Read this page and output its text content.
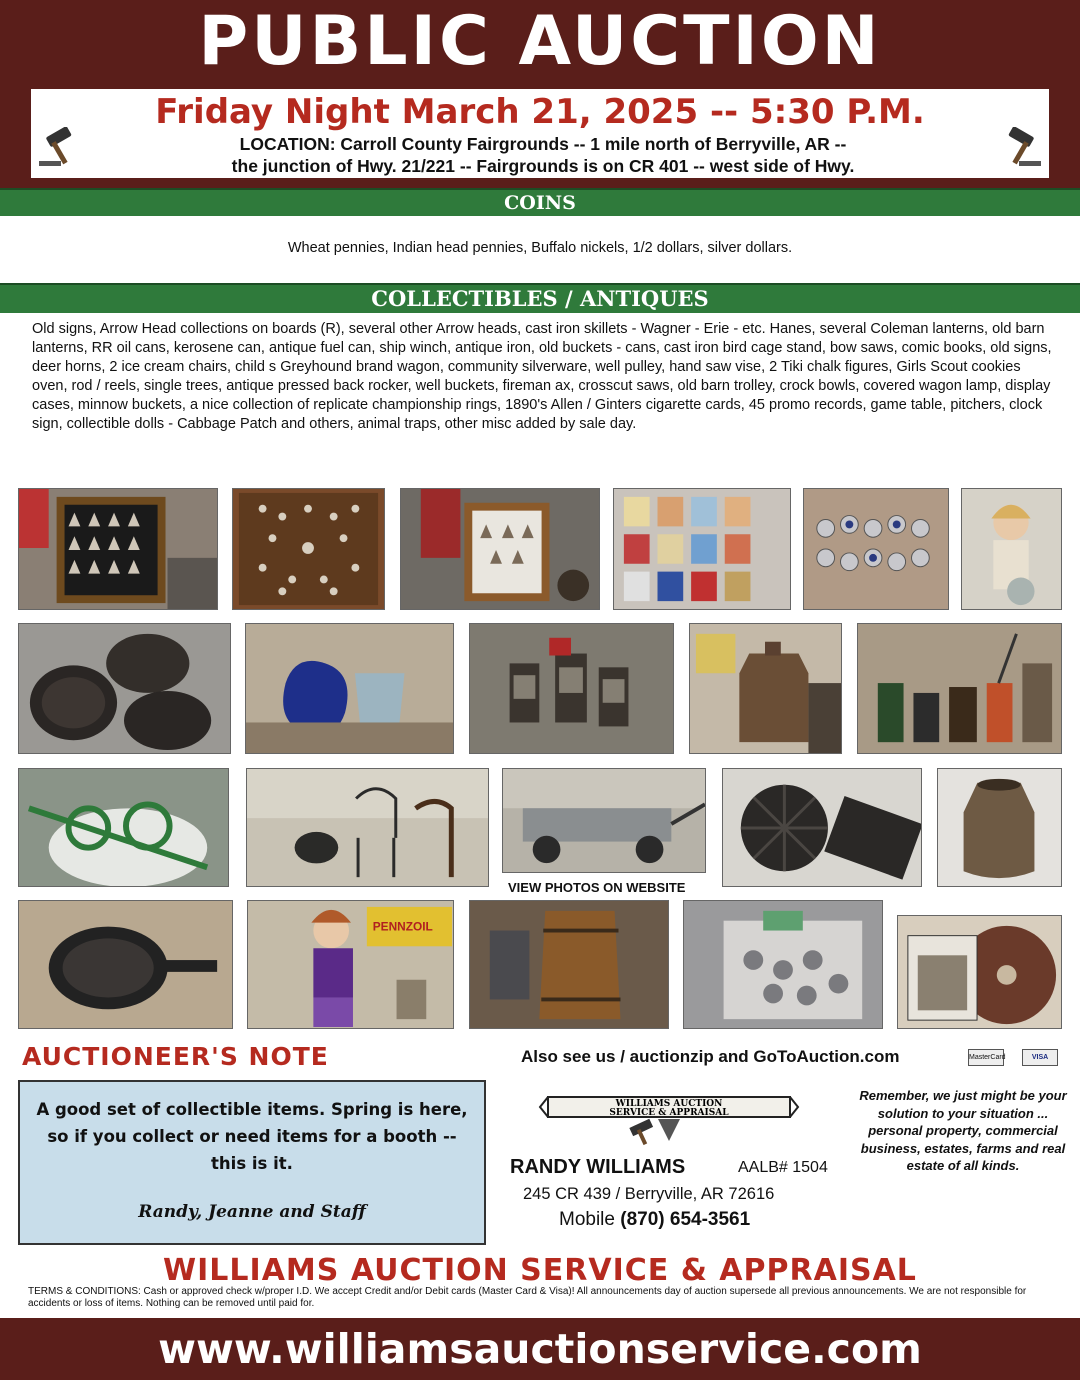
PUBLIC AUCTION
Friday Night March 21, 2025 -- 5:30 P.M.
LOCATION: Carroll County Fairgrounds -- 1 mile north of Berryville, AR --
the junction of Hwy. 21/221 -- Fairgrounds is on CR 401 -- west side of Hwy.
COINS
Wheat pennies, Indian head pennies, Buffalo nickels, 1/2 dollars, silver dollars.
COLLECTIBLES / ANTIQUES
Old signs, Arrow Head collections on boards (R), several other Arrow heads, cast iron skillets - Wagner - Erie - etc. Hanes, several Coleman lanterns, old barn lanterns, RR oil cans, kerosene can, antique fuel can, ship winch, antique iron, old buckets - cans, cast iron bird cage stand, bow saws, comic books, old signs, deer horns, 2 ice cream chairs, child s Greyhound brand wagon, community silverware, well pulley, hand saw vise, 2 Tiki chalk figures, Girls Scout cookies oven, rod / reels, single trees, antique pressed back rocker, well buckets, fireman ax, crosscut saws, old barn trolley, crock bowls, covered wagon lamp, display cases, minnow buckets, a nice collection of replicate championship rings, 1890's Allen / Ginters cigarette cards, 45 promo records, game table, pitchers, clock sign, collectible dolls - Cabbage Patch and others, animal traps, other misc added by sale day.
VIEW PHOTOS ON WEBSITE
PENNZOIL
AUCTIONEER'S NOTE
A good set of collectible items. Spring is here, so if you collect or need items for a booth -- this is it.
Randy, Jeanne and Staff
Also see us / auctionzip and GoToAuction.com	MasterCard	VISA
WILLIAMS AUCTION
SERVICE & APPRAISAL
RANDY WILLIAMS	AALB# 1504
245 CR 439 / Berryville, AR 72616
Mobile (870) 654-3561
Remember, we just might be your solution to your situation ... personal property, commercial business, estates, farms and real estate of all kinds.
WILLIAMS AUCTION SERVICE & APPRAISAL
TERMS & CONDITIONS: Cash or approved check w/proper I.D. We accept Credit and/or Debit cards (Master Card & Visa)! All announcements day of auction supersede all previous announcements. We are not responsible for accidents or loss of items. Nothing can be removed until paid for.
www.williamsauctionservice.com
